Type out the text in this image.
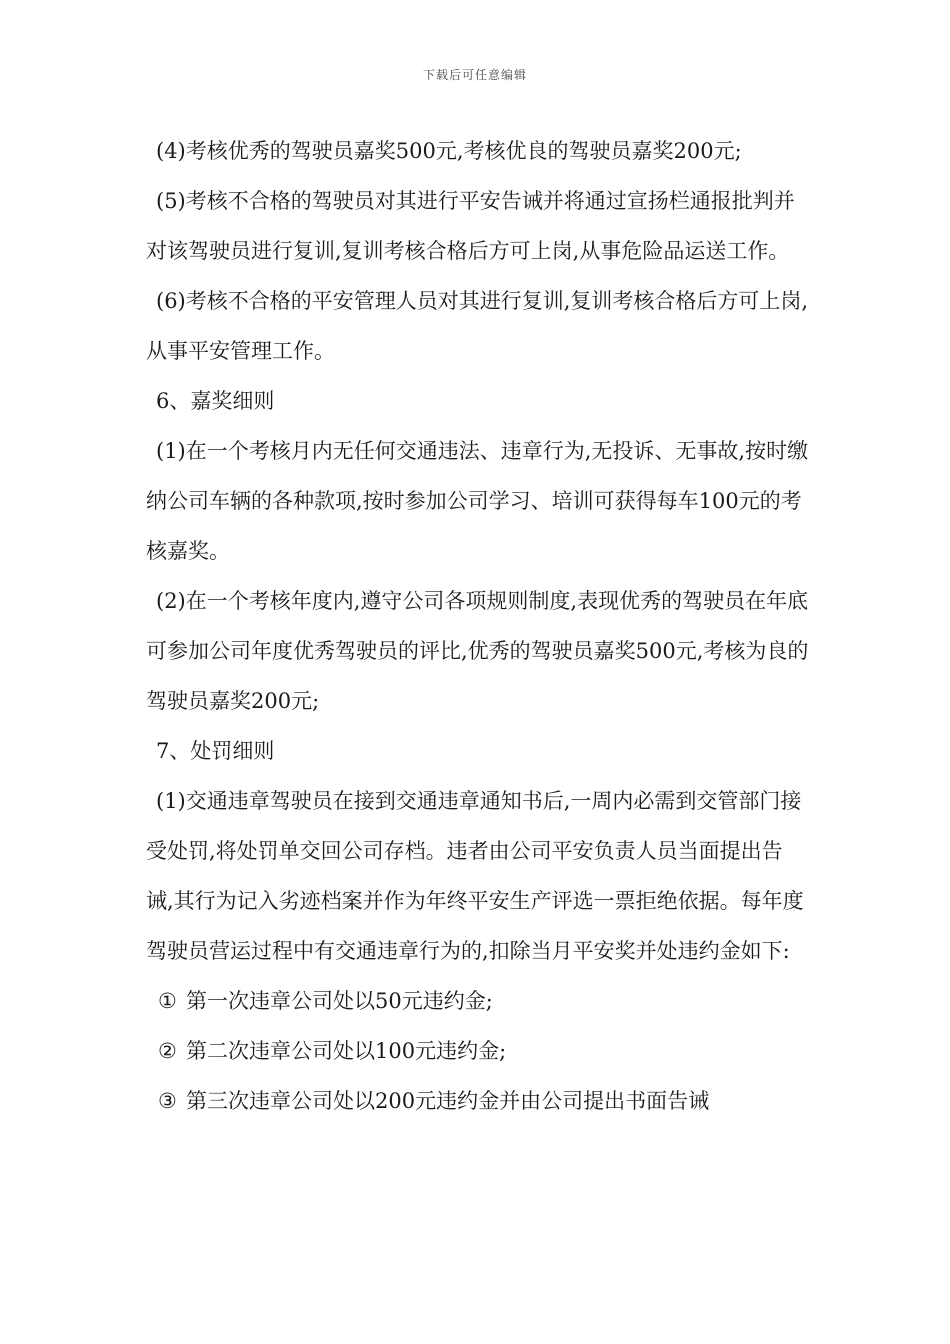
下载后可任意编辑

(4)考核优秀的驾驶员嘉奖500元,考核优良的驾驶员嘉奖200元;

(5)考核不合格的驾驶员对其进行平安告诫并将通过宣扬栏通报批判并对该驾驶员进行复训,复训考核合格后方可上岗,从事危险品运送工作。

(6)考核不合格的平安管理人员对其进行复训,复训考核合格后方可上岗,从事平安管理工作。

6、嘉奖细则

(1)在一个考核月内无任何交通违法、违章行为,无投诉、无事故,按时缴纳公司车辆的各种款项,按时参加公司学习、培训可获得每车100元的考核嘉奖。

(2)在一个考核年度内,遵守公司各项规则制度,表现优秀的驾驶员在年底可参加公司年度优秀驾驶员的评比,优秀的驾驶员嘉奖500元,考核为良的驾驶员嘉奖200元;

7、处罚细则

(1)交通违章驾驶员在接到交通违章通知书后,一周内必需到交管部门接受处罚,将处罚单交回公司存档。违者由公司平安负责人员当面提出告诫,其行为记入劣迹档案并作为年终平安生产评选一票拒绝依据。每年度驾驶员营运过程中有交通违章行为的,扣除当月平安奖并处违约金如下:

① 第一次违章公司处以50元违约金;
② 第二次违章公司处以100元违约金;
③ 第三次违章公司处以200元违约金并由公司提出书面告诫
